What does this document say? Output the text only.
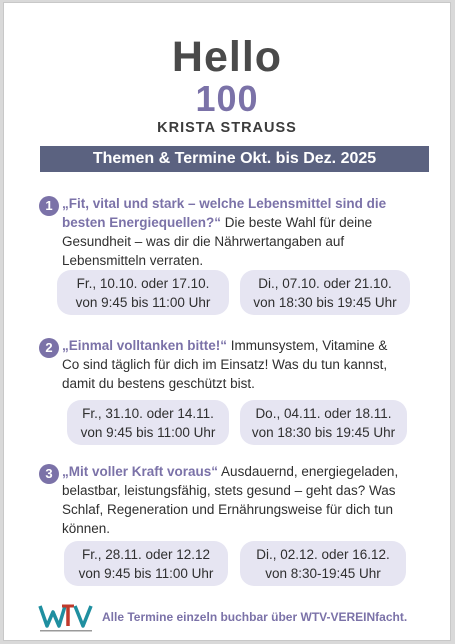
Hello
100
KRISTA STRAUSS
Themen & Termine Okt. bis Dez. 2025
1 „Fit, vital und stark – welche Lebensmittel sind die besten Energiequellen?“ Die beste Wahl für deine Gesundheit – was dir die Nährwertangaben auf Lebensmitteln verraten.
Fr., 10.10. oder 17.10.
von 9:45 bis 11:00 Uhr
Di., 07.10. oder 21.10.
von 18:30 bis 19:45 Uhr
2 „Einmal volltanken bitte!“ Immunsystem, Vitamine & Co sind täglich für dich im Einsatz! Was du tun kannst, damit du bestens geschützt bist.
Fr., 31.10. oder 14.11.
von 9:45 bis 11:00 Uhr
Do., 04.11. oder 18.11.
von 18:30 bis 19:45 Uhr
3 „Mit voller Kraft voraus“ Ausdauernd, energiegeladen, belastbar, leistungsfähig, stets gesund – geht das? Was Schlaf, Regeneration und Ernährungsweise für dich tun können.
Fr., 28.11. oder 12.12
von 9:45 bis 11:00 Uhr
Di., 02.12. oder 16.12.
von 8:30-19:45 Uhr
Alle Termine einzeln buchbar über WTV-VEREINfacht.
